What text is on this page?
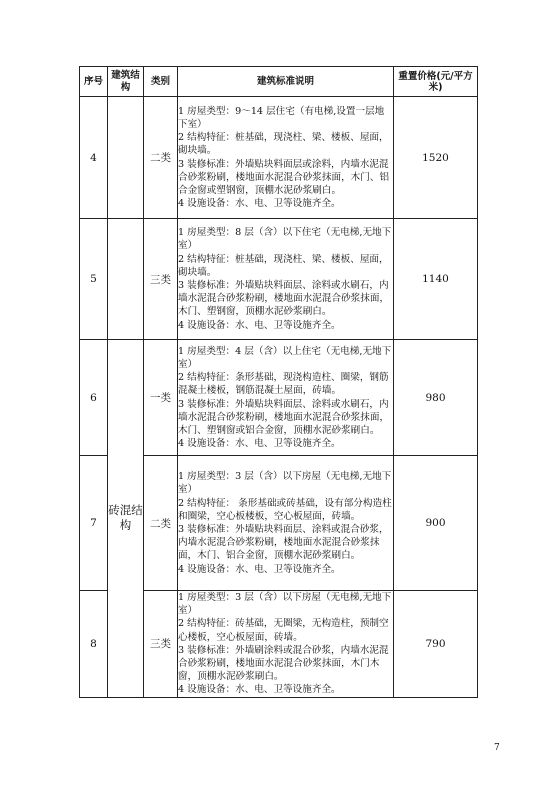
序号	建筑结构	类别	建筑标准说明	重置价格(元/平方米)
4		二类	1 房屋类型：9～14 层住宅（有电梯,设置一层地下室）
2 结构特征：桩基础，现浇柱、梁、楼板、屋面，砌块墙。
3 装修标准：外墙贴块料面层或涂料，内墙水泥混合砂浆粉刷，楼地面水泥混合砂浆抹面，木门、铝合金窗或塑钢窗，顶棚水泥砂浆刷白。
4 设施设备：水、电、卫等设施齐全。	1520
5		三类	1 房屋类型：8 层（含）以下住宅（无电梯,无地下室）
2 结构特征：桩基础，现浇柱、梁、楼板、屋面，砌块墙。
3 装修标准：外墙贴块料面层、涂料或水刷石，内墙水泥混合砂浆粉刷，楼地面水泥混合砂浆抹面，木门、塑钢窗，顶棚水泥砂浆刷白。
4 设施设备：水、电、卫等设施齐全。	1140
6	砖混结构	一类	1 房屋类型：4 层（含）以上住宅（无电梯,无地下室）
2 结构特征：条形基础，现浇构造柱、圈梁，钢筋混凝土楼板，钢筋混凝土屋面，砖墙。
3 装修标准：外墙贴块料面层、涂料或水刷石，内墙水泥混合砂浆粉刷，楼地面水泥混合砂浆抹面，木门、塑钢窗或铝合金窗，顶棚水泥砂浆刷白。
4 设施设备：水、电、卫等设施齐全。	980
7		二类	1 房屋类型：3 层（含）以下房屋（无电梯,无地下室）
2 结构特征： 条形基础或砖基础，设有部分构造柱和圈梁，空心板楼板，空心板屋面，砖墙。
3 装修标准：外墙贴块料面层、涂料或混合砂浆，内墙水泥混合砂浆粉刷，楼地面水泥混合砂浆抹面，木门、铝合金窗，顶棚水泥砂浆刷白。
4 设施设备：水、电、卫等设施齐全。	900
8		三类	1 房屋类型：3 层（含）以下房屋（无电梯,无地下室）
2 结构特征：砖基础，无圈梁，无构造柱，预制空心楼板，空心板屋面，砖墙。
3 装修标准：外墙刷涂料或混合砂浆，内墙水泥混合砂浆粉刷，楼地面水泥混合砂浆抹面，木门木窗，顶棚水泥砂浆刷白。
4 设施设备：水、电、卫等设施齐全。	790
7
